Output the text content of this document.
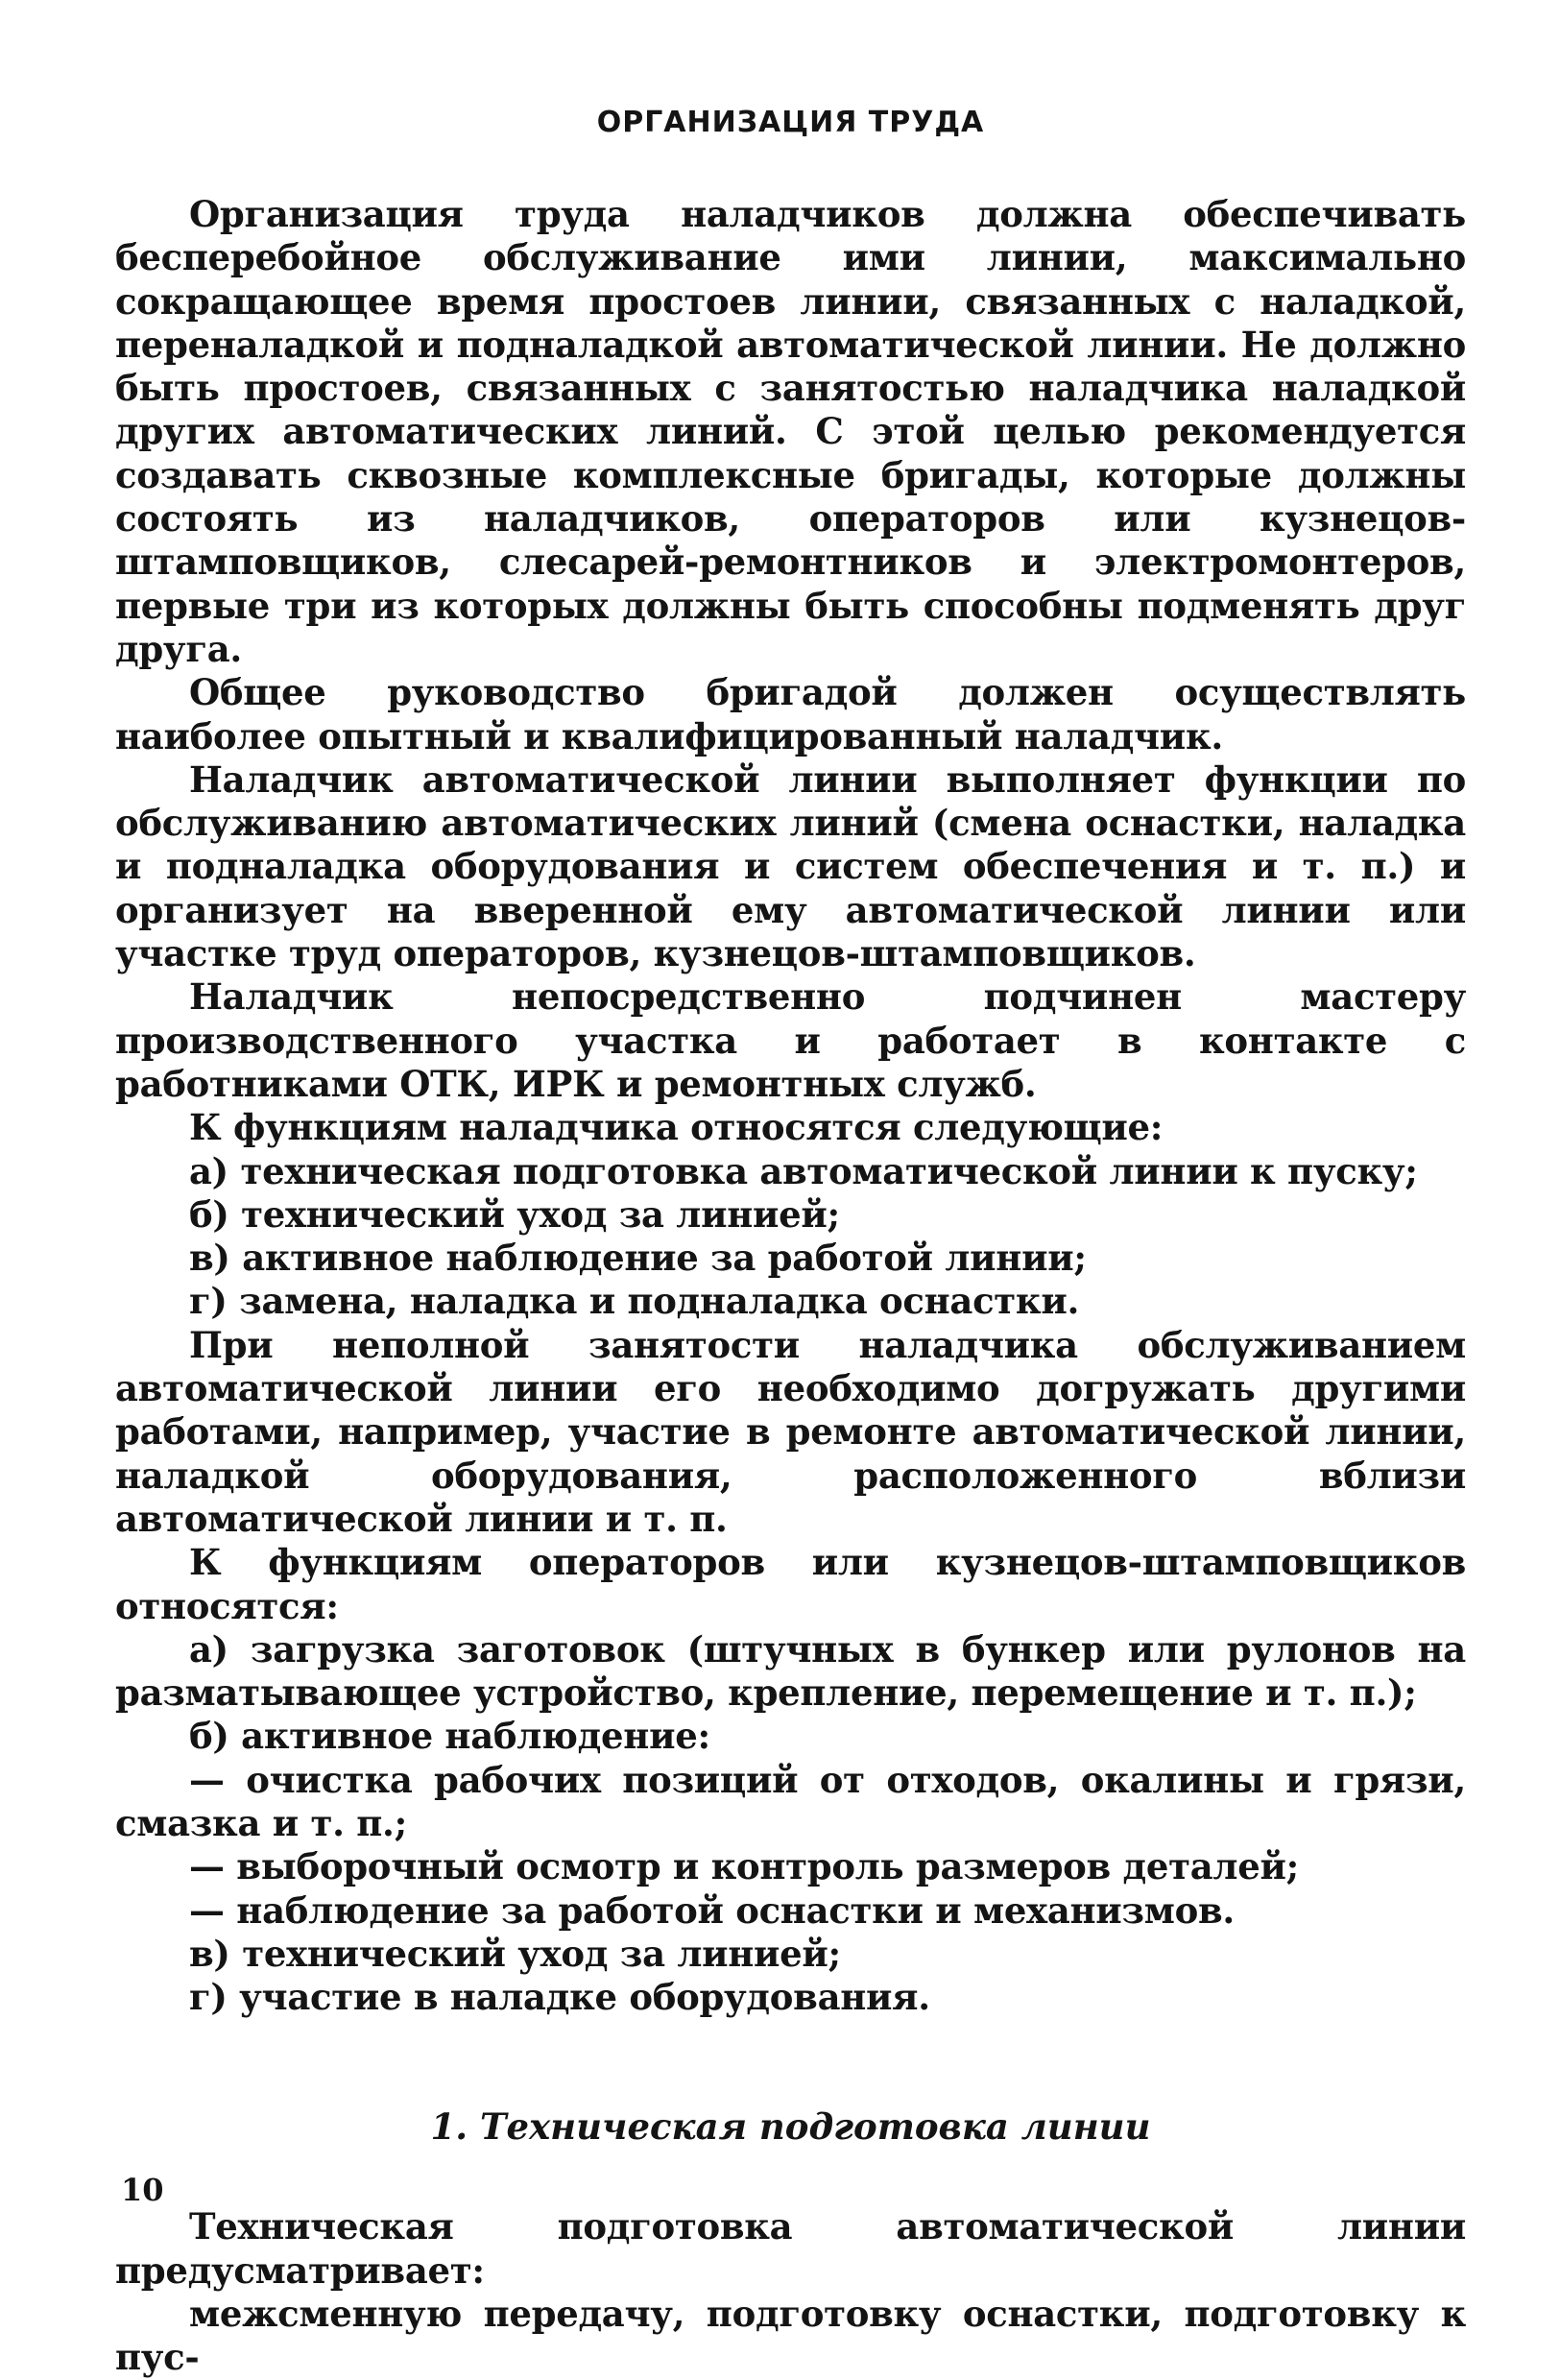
ОРГАНИЗАЦИЯ ТРУДА

Организация труда наладчиков должна обеспечивать бесперебойное обслуживание ими линии, максимально сокращающее время простоев линии, связанных с наладкой, переналадкой и подналадкой автоматической линии. Не должно быть простоев, связанных с занятостью наладчика наладкой других автоматических линий. С этой целью рекомендуется создавать сквозные комплексные бригады, которые должны состоять из наладчиков, операторов или кузнецов-штамповщиков, слесарей-ремонтников и электромонтеров, первые три из которых должны быть способны подменять друг друга.

Общее руководство бригадой должен осуществлять наиболее опытный и квалифицированный наладчик.

Наладчик автоматической линии выполняет функции по обслуживанию автоматических линий (смена оснастки, наладка и подналадка оборудования и систем обеспечения и т. п.) и организует на вверенной ему автоматической линии или участке труд операторов, кузнецов-штамповщиков.

Наладчик непосредственно подчинен мастеру производственного участка и работает в контакте с работниками ОТК, ИРК и ремонтных служб.

К функциям наладчика относятся следующие:

а) техническая подготовка автоматической линии к пуску;

б) технический уход за линией;

в) активное наблюдение за работой линии;

г) замена, наладка и подналадка оснастки.

При неполной занятости наладчика обслуживанием автоматической линии его необходимо догружать другими работами, например, участие в ремонте автоматической линии, наладкой оборудования, расположенного вблизи автоматической линии и т. п.

К функциям операторов или кузнецов-штамповщиков относятся:

а) загрузка заготовок (штучных в бункер или рулонов на разматывающее устройство, крепление, перемещение и т. п.);

б) активное наблюдение:

— очистка рабочих позиций от отходов, окалины и грязи, смазка и т. п.;

— выборочный осмотр и контроль размеров деталей;

— наблюдение за работой оснастки и механизмов.

в) технический уход за линией;

г) участие в наладке оборудования.

1. Техническая подготовка линии

Техническая подготовка автоматической линии предусматривает:

межсменную передачу, подготовку оснастки, подготовку к пус-

10
